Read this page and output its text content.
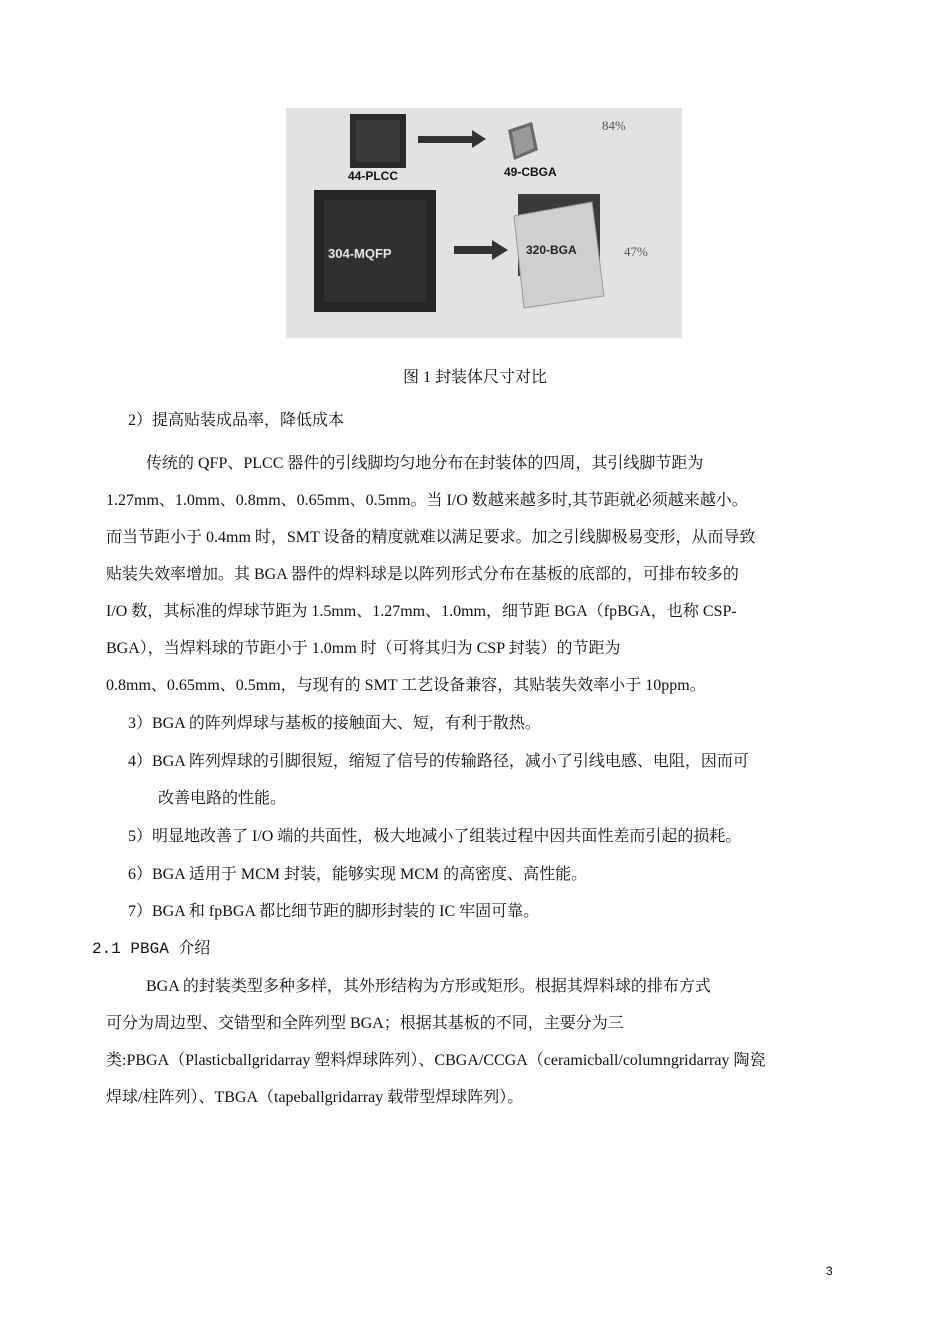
44-PLCC	49-CBGA
84%
304-MQFP	320-BGA	47%
图 1 封装体尺寸对比
2）提高贴装成品率，降低成本
传统的 QFP、PLCC 器件的引线脚均匀地分布在封装体的四周，其引线脚节距为
1.27mm、1.0mm、0.8mm、0.65mm、0.5mm。当 I/O 数越来越多时,其节距就必须越来越小。
而当节距小于 0.4mm 时，SMT 设备的精度就难以满足要求。加之引线脚极易变形，从而导致
贴装失效率增加。其 BGA 器件的焊料球是以阵列形式分布在基板的底部的，可排布较多的
I/O 数，其标准的焊球节距为 1.5mm、1.27mm、1.0mm，细节距 BGA（fpBGA，也称 CSP-
BGA），当焊料球的节距小于 1.0mm 时（可将其归为 CSP 封装）的节距为
0.8mm、0.65mm、0.5mm，与现有的 SMT 工艺设备兼容，其贴装失效率小于 10ppm。
3）BGA 的阵列焊球与基板的接触面大、短，有利于散热。
4）BGA 阵列焊球的引脚很短，缩短了信号的传输路径，减小了引线电感、电阻，因而可
改善电路的性能。
5）明显地改善了 I/O 端的共面性，极大地减小了组装过程中因共面性差而引起的损耗。
6）BGA 适用于 MCM 封装，能够实现 MCM 的高密度、高性能。
7）BGA 和 fpBGA 都比细节距的脚形封装的 IC 牢固可靠。
2.1 PBGA 介绍
BGA 的封装类型多种多样，其外形结构为方形或矩形。根据其焊料球的排布方式
可分为周边型、交错型和全阵列型 BGA；根据其基板的不同，主要分为三
类:PBGA（Plasticballgridarray 塑料焊球阵列）、CBGA/CCGA（ceramicball/columngridarray 陶瓷
焊球/柱阵列）、TBGA（tapeballgridarray 载带型焊球阵列）。
3
